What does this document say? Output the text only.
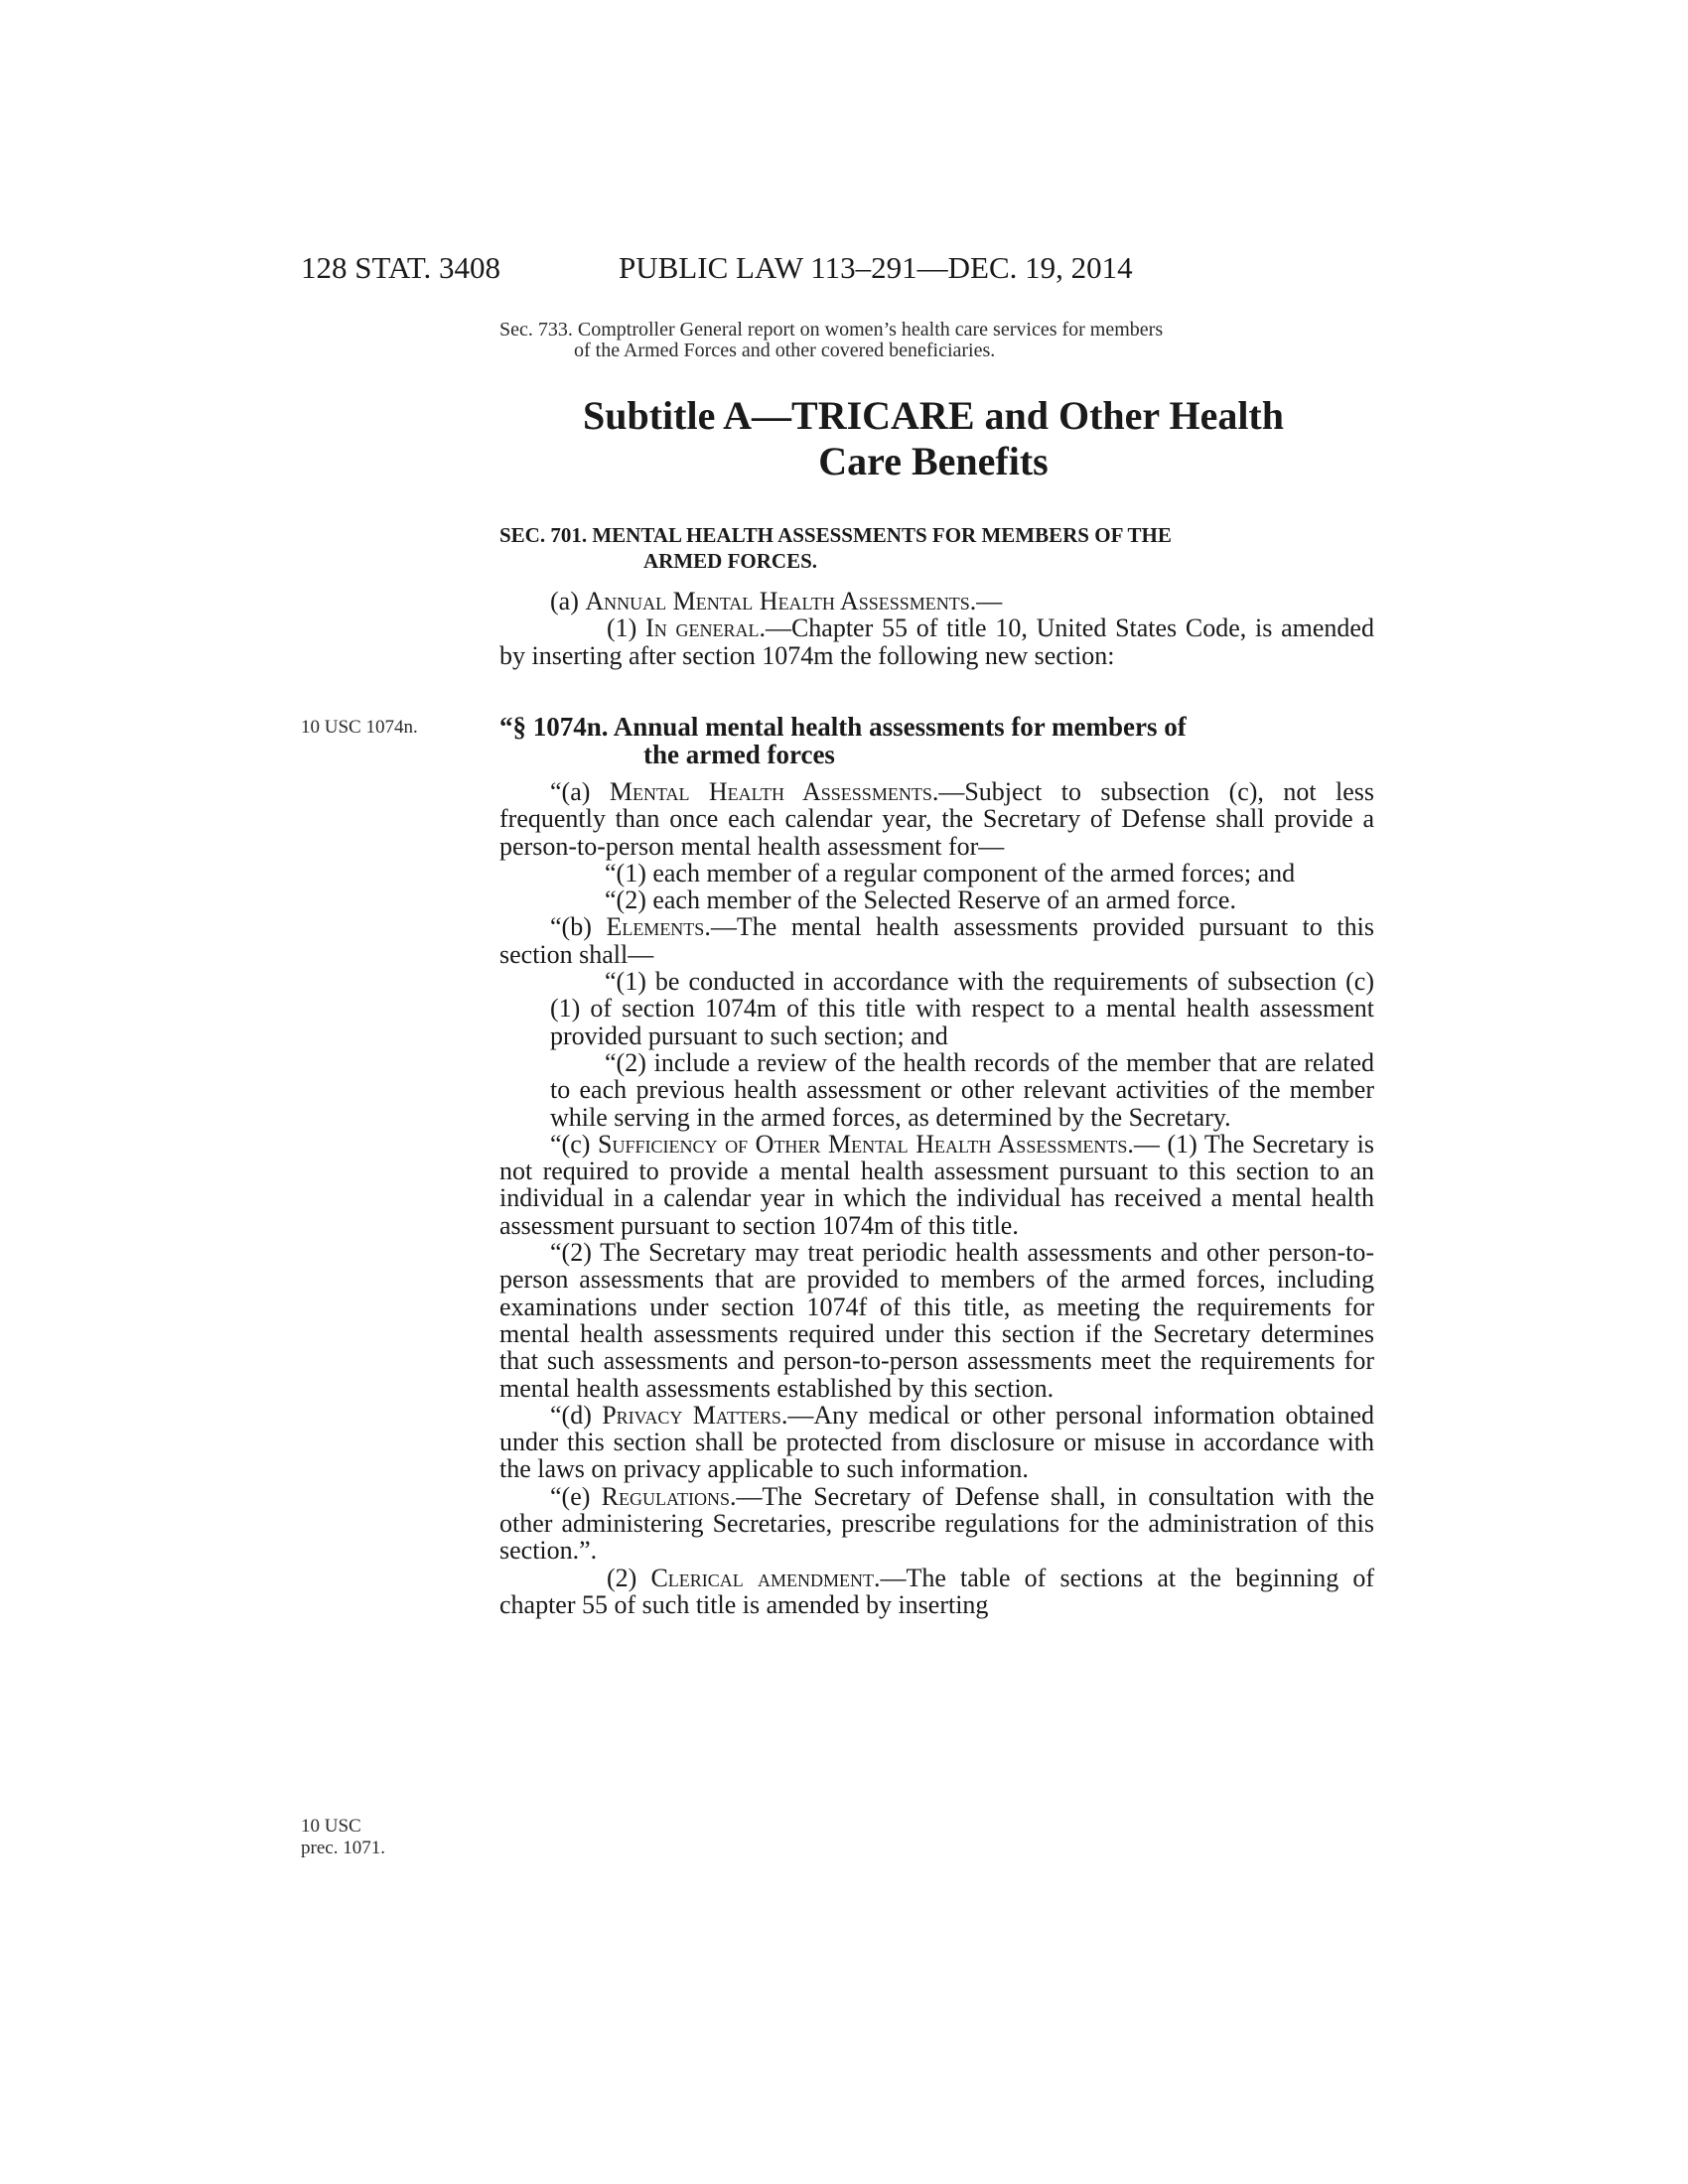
128 STAT. 3408	PUBLIC LAW 113–291—DEC. 19, 2014
Sec. 733. Comptroller General report on women’s health care services for members
of the Armed Forces and other covered beneficiaries.
Subtitle A—TRICARE and Other Health
Care Benefits
SEC. 701. MENTAL HEALTH ASSESSMENTS FOR MEMBERS OF THE
ARMED FORCES.
(a) Annual Mental Health Assessments.—
(1) In general.—Chapter 55 of title 10, United States Code, is amended by inserting after section 1074m the following new section:
10 USC 1074n.
10 USC
prec. 1071.
“§ 1074n. Annual mental health assessments for members of
the armed forces
“(a) Mental Health Assessments.—Subject to subsection (c), not less frequently than once each calendar year, the Secretary of Defense shall provide a person-to-person mental health assessment for—
“(1) each member of a regular component of the armed forces; and
“(2) each member of the Selected Reserve of an armed force.
“(b) Elements.—The mental health assessments provided pursuant to this section shall—
“(1) be conducted in accordance with the requirements of subsection (c)(1) of section 1074m of this title with respect to a mental health assessment provided pursuant to such section; and
“(2) include a review of the health records of the member that are related to each previous health assessment or other relevant activities of the member while serving in the armed forces, as determined by the Secretary.
“(c) Sufficiency of Other Mental Health Assessments.— (1) The Secretary is not required to provide a mental health assessment pursuant to this section to an individual in a calendar year in which the individual has received a mental health assessment pursuant to section 1074m of this title.
“(2) The Secretary may treat periodic health assessments and other person-to-person assessments that are provided to members of the armed forces, including examinations under section 1074f of this title, as meeting the requirements for mental health assessments required under this section if the Secretary determines that such assessments and person-to-person assessments meet the requirements for mental health assessments established by this section.
“(d) Privacy Matters.—Any medical or other personal information obtained under this section shall be protected from disclosure or misuse in accordance with the laws on privacy applicable to such information.
“(e) Regulations.—The Secretary of Defense shall, in consultation with the other administering Secretaries, prescribe regulations for the administration of this section.”.
(2) Clerical amendment.—The table of sections at the beginning of chapter 55 of such title is amended by inserting
